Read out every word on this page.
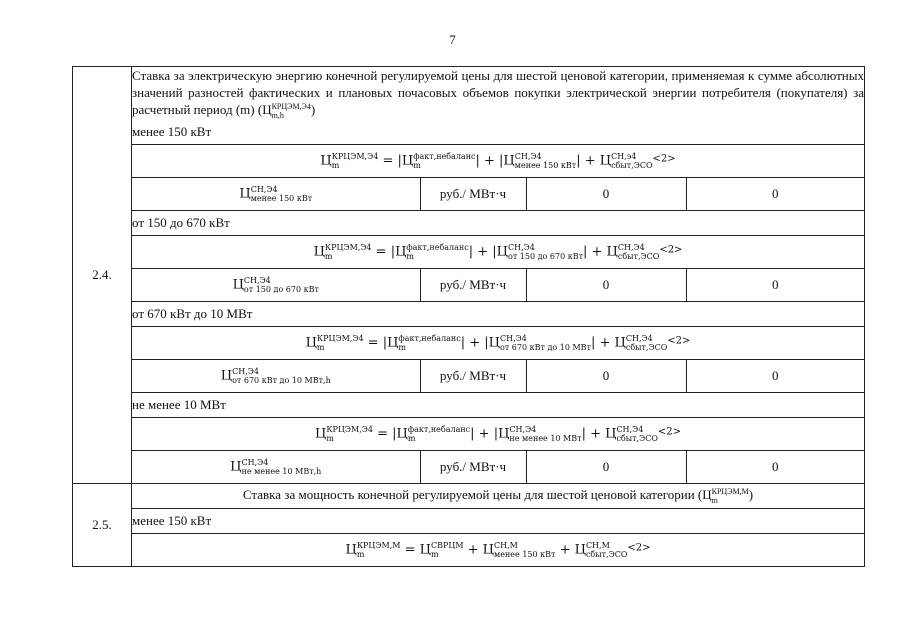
7
2.4.	
Ставка за электрическую энергию конечной регулируемой цены для шестой ценовой категории, применяемая к сумме абсолютных значений разностей фактических и плановых почасовых объемов покупки электрической энергии потребителя (покупателя) за расчетный период (m) (Ц КРЦЭМ,Э4
m,h	)
менее 150 кВт
Ц КРЦЭМ,Э4
m	= |Ц факт,небаланс
m	| + |Ц СН,Э4
менее 150 кВт | + Ц СН,э4
сбыт,ЭСО
$^{<2>}$
Ц СН,Э4
менее 150 кВт	руб./ МВт·ч	0	0
от 150 до 670 кВт
Ц КРЦЭМ,Э4
m	= |Ц факт,небаланс
m	| + |Ц СН,Э4
от 150 до 670 кВт | + Ц СН,Э4
сбыт,ЭСО
$^{<2>}$
Ц СН,Э4
от 150 до 670 кВт	руб./ МВт·ч	0	0
от 670 кВт до 10 МВт
Ц КРЦЭМ,Э4
m	= |Ц факт,небаланс
m	| + |Ц СН,Э4
от 670 кВт до 10 МВт | + Ц СН,Э4
сбыт,ЭСО
$^{<2>}$
Ц СН,Э4
от 670 кВт до 10 МВт,h	руб./ МВт·ч	0	0
не менее 10 МВт
Ц КРЦЭМ,Э4
m	= |Ц факт,небаланс
m	| + |Ц СН,Э4
не менее 10 МВт | + Ц СН,Э4
сбыт,ЭСО
$^{<2>}$
Ц СН,Э4
не менее 10 МВт,h	руб./ МВт·ч	0	0

2.5.	
Ставка за мощность конечной регулируемой цены для шестой ценовой категории (Ц КРЦЭМ,М
m	)
менее 150 кВт
Ц КРЦЭМ,М
m	= Ц СВРЦМ
m	+ Ц СН,М
менее 150 кВт + Ц СН,М
сбыт,ЭСО
$^{<2>}$
